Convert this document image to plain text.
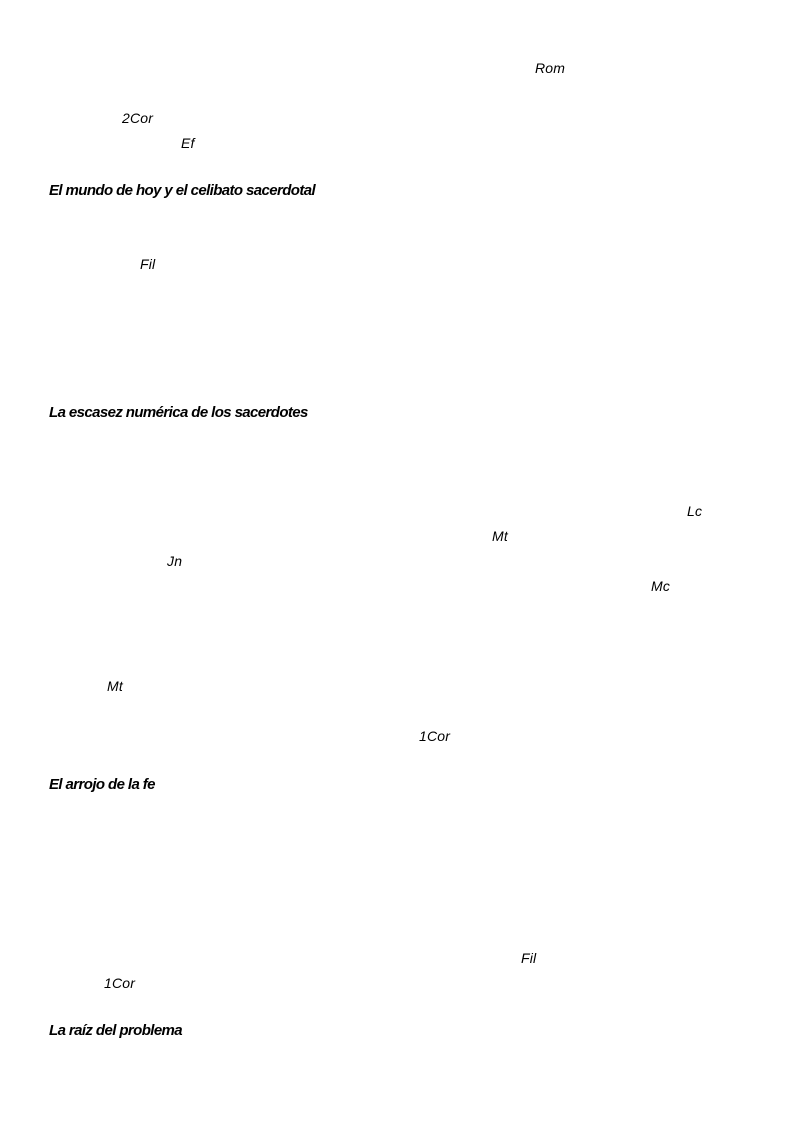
Rom
2Cor
Ef
El mundo de hoy y el celibato sacerdotal
Fil
La escasez numérica de los sacerdotes
Lc
Mt
Jn
Mc
Mt
1Cor
El arrojo de la fe
Fil
1Cor
La raíz del problema
